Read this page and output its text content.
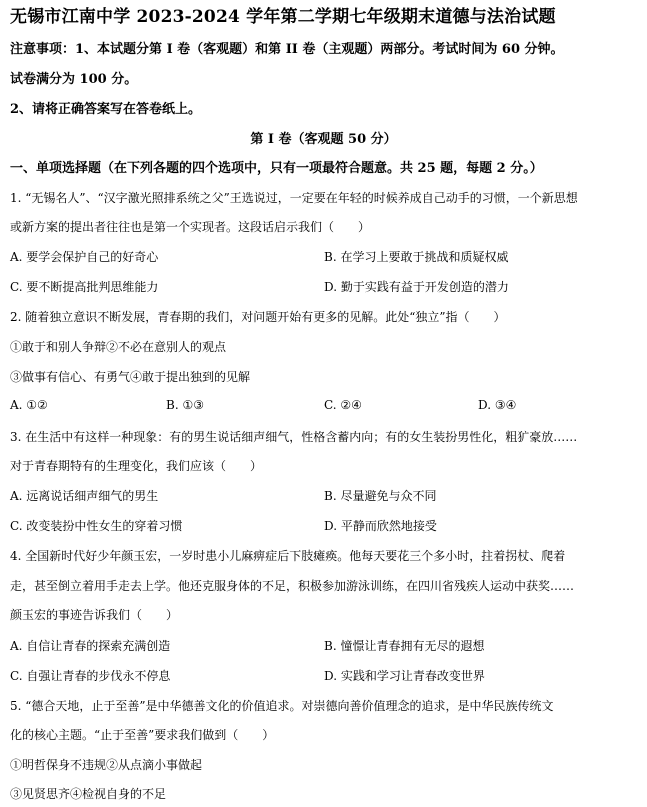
无锡市江南中学 2023-2024 学年第二学期七年级期末道德与法治试题
注意事项：1、本试题分第 I 卷（客观题）和第 II 卷（主观题）两部分。考试时间为 60 分钟。
试卷满分为 100 分。
2、请将正确答案写在答卷纸上。
第 I 卷（客观题 50 分）
一、单项选择题（在下列各题的四个选项中，只有一项最符合题意。共 25 题，每题 2 分。）
1. “无锡名人”、“汉字激光照排系统之父”王选说过，一定要在年轻的时候养成自己动手的习惯，一个新思想
或新方案的提出者往往也是第一个实现者。这段话启示我们（　　）
A. 要学会保护自己的好奇心	B. 在学习上要敢于挑战和质疑权威
C. 要不断提高批判思维能力	D. 勤于实践有益于开发创造的潜力
2. 随着独立意识不断发展，青春期的我们，对问题开始有更多的见解。此处“独立”指（　　）
①敢于和别人争辩②不必在意别人的观点
③做事有信心、有勇气④敢于提出独到的见解
A. ①②	B. ①③	C. ②④	D. ③④
3. 在生活中有这样一种现象：有的男生说话细声细气，性格含蓄内向；有的女生装扮男性化，粗犷豪放……
对于青春期特有的生理变化，我们应该（　　）
A. 远离说话细声细气的男生	B. 尽量避免与众不同
C. 改变装扮中性女生的穿着习惯	D. 平静而欣然地接受
4. 全国新时代好少年颜玉宏，一岁时患小儿麻痹症后下肢瘫痪。他每天要花三个多小时，拄着拐杖、爬着
走，甚至倒立着用手走去上学。他还克服身体的不足，积极参加游泳训练，在四川省残疾人运动中获奖……
颜玉宏的事迹告诉我们（　　）
A. 自信让青春的探索充满创造	B. 憧憬让青春拥有无尽的遐想
C. 自强让青春的步伐永不停息	D. 实践和学习让青春改变世界
5. “德合天地，止于至善”是中华德善文化的价值追求。对崇德向善价值理念的追求，是中华民族传统文
化的核心主题。“止于至善”要求我们做到（　　）
①明哲保身不违规②从点滴小事做起
③见贤思齐④检视自身的不足
